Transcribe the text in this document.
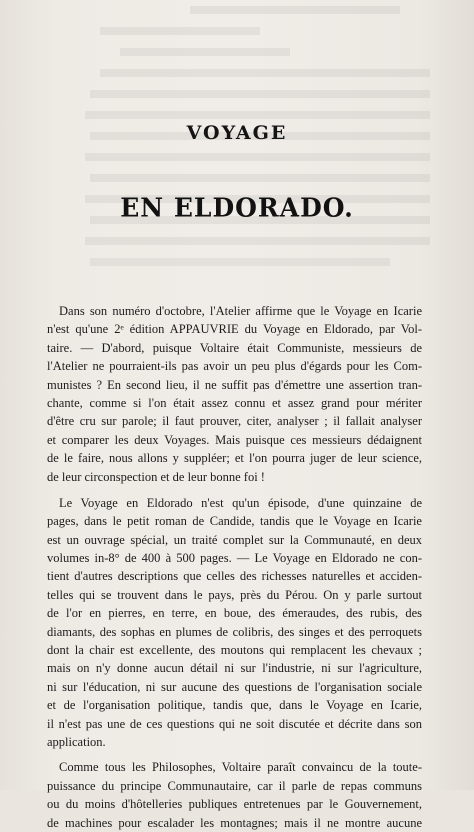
VOYAGE
EN ELDORADO.
Dans son numéro d'octobre, l'Atelier affirme que le Voyage en Icarie
n'est qu'une 2ᵉ édition APPAUVRIE du Voyage en Eldorado, par Vol-
taire. — D'abord, puisque Voltaire était Communiste, messieurs de
l'Atelier ne pourraient-ils pas avoir un peu plus d'égards pour les Com-
munistes ? En second lieu, il ne suffit pas d'émettre une assertion tran-
chante, comme si l'on était assez connu et assez grand pour mériter
d'être cru sur parole; il faut prouver, citer, analyser ; il fallait analyser
et comparer les deux Voyages. Mais puisque ces messieurs dédaignent
de le faire, nous allons y suppléer; et l'on pourra juger de leur science,
de leur circonspection et de leur bonne foi !
Le Voyage en Eldorado n'est qu'un épisode, d'une quinzaine de
pages, dans le petit roman de Candide, tandis que le Voyage en Icarie
est un ouvrage spécial, un traité complet sur la Communauté, en deux
volumes in-8° de 400 à 500 pages. — Le Voyage en Eldorado ne con-
tient d'autres descriptions que celles des richesses naturelles et acciden-
telles qui se trouvent dans le pays, près du Pérou. On y parle surtout
de l'or en pierres, en terre, en boue, des émeraudes, des rubis, des
diamants, des sophas en plumes de colibris, des singes et des perroquets
dont la chair est excellente, des moutons qui remplacent les chevaux ;
mais on n'y donne aucun détail ni sur l'industrie, ni sur l'agriculture,
ni sur l'éducation, ni sur aucune des questions de l'organisation sociale
et de l'organisation politique, tandis que, dans le Voyage en Icarie,
il n'est pas une de ces questions qui ne soit discutée et décrite dans son
application.
Comme tous les Philosophes, Voltaire paraît convaincu de la toute-
puissance du principe Communautaire, car il parle de repas communs
ou du moins d'hôtelleries publiques entretenues par le Gouvernement,
de machines pour escalader les montagnes; mais il ne montre aucune
